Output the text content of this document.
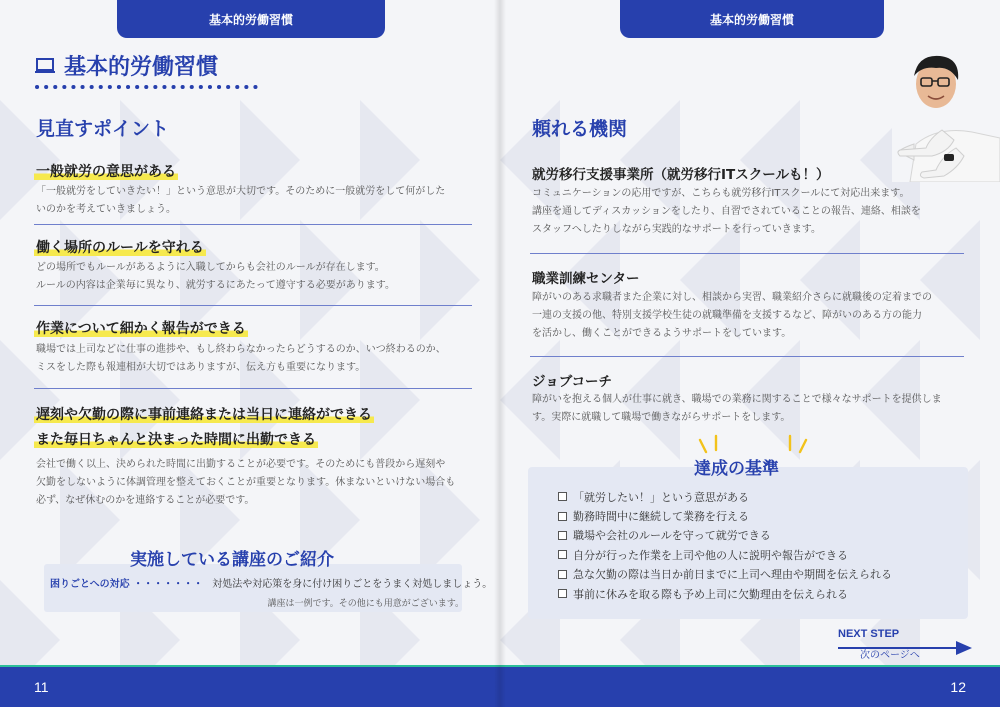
基本的労働習慣
基本的労働習慣
見直すポイント
一般就労の意思がある
「一般就労をしていきたい！」という意思が大切です。そのために一般就労をして何がした
いのかを考えていきましょう。
働く場所のルールを守れる
どの場所でもルールがあるように入職してからも会社のルールが存在します。
ルールの内容は企業毎に異なり、就労するにあたって遵守する必要があります。
作業について細かく報告ができる
職場では上司などに仕事の進捗や、もし終わらなかったらどうするのか、いつ終わるのか、
ミスをした際も報連相が大切ではありますが、伝え方も重要になります。
遅刻や欠勤の際に事前連絡または当日に連絡ができる
また毎日ちゃんと決まった時間に出勤できる
会社で働く以上、決められた時間に出勤することが必要です。そのためにも普段から遅刻や
欠勤をしないように体調管理を整えておくことが重要となります。休まないといけない場合も
必ず、なぜ休むのかを連絡することが必要です。
実施している講座のご紹介
困りごとへの対応 ・・・・・・・ 対処法や対応策を身に付け困りごとをうまく対処しましょう。
講座は一例です。その他にも用意がございます。
11
基本的労働習慣
頼れる機関
就労移行支援事業所（就労移行ITスクールも！）
コミュニケーションの応用ですが、こちらも就労移行ITスクールにて対応出来ます。
講座を通してディスカッションをしたり、自習でされていることの報告、連絡、相談を
スタッフへしたりしながら実践的なサポートを行っていきます。
職業訓練センター
障がいのある求職者また企業に対し、相談から実習、職業紹介さらに就職後の定着までの
一連の支援の他、特別支援学校生徒の就職準備を支援するなど、障がいのある方の能力
を活かし、働くことができるようサポートをしています。
ジョブコーチ
障がいを抱える個人が仕事に就き、職場での業務に関することで様々なサポートを提供しま
す。実際に就職して職場で働きながらサポートをします。
達成の基準
「就労したい！」という意思がある
勤務時間中に継続して業務を行える
職場や会社のルールを守って就労できる
自分が行った作業を上司や他の人に説明や報告ができる
急な欠勤の際は当日か前日までに上司へ理由や期間を伝えられる
事前に休みを取る際も予め上司に欠勤理由を伝えられる
NEXT STEP
次のページへ
12
